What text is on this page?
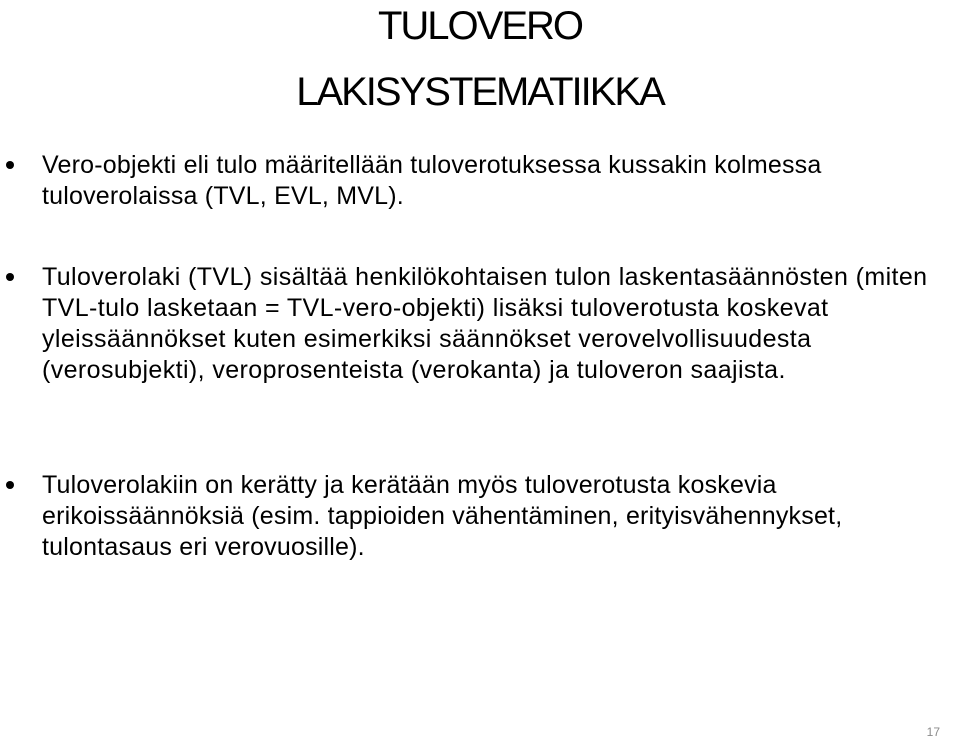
TULOVERO
LAKISYSTEMATIIKKA
Vero-objekti eli tulo määritellään tuloverotuksessa kussakin kolmessa tuloverolaissa (TVL, EVL, MVL).
Tuloverolaki (TVL) sisältää henkilökohtaisen tulon laskentasäännösten (miten TVL-tulo lasketaan = TVL-vero-objekti) lisäksi tuloverotusta koskevat yleissäännökset kuten esimerkiksi säännökset verovelvollisuudesta (verosubjekti), veroprosenteista (verokanta) ja tuloveron saajista.
Tuloverolakiin on kerätty ja kerätään myös tuloverotusta koskevia erikoissäännöksiä (esim. tappioiden vähentäminen, erityisvähennykset, tulontasaus eri verovuosille).
17
